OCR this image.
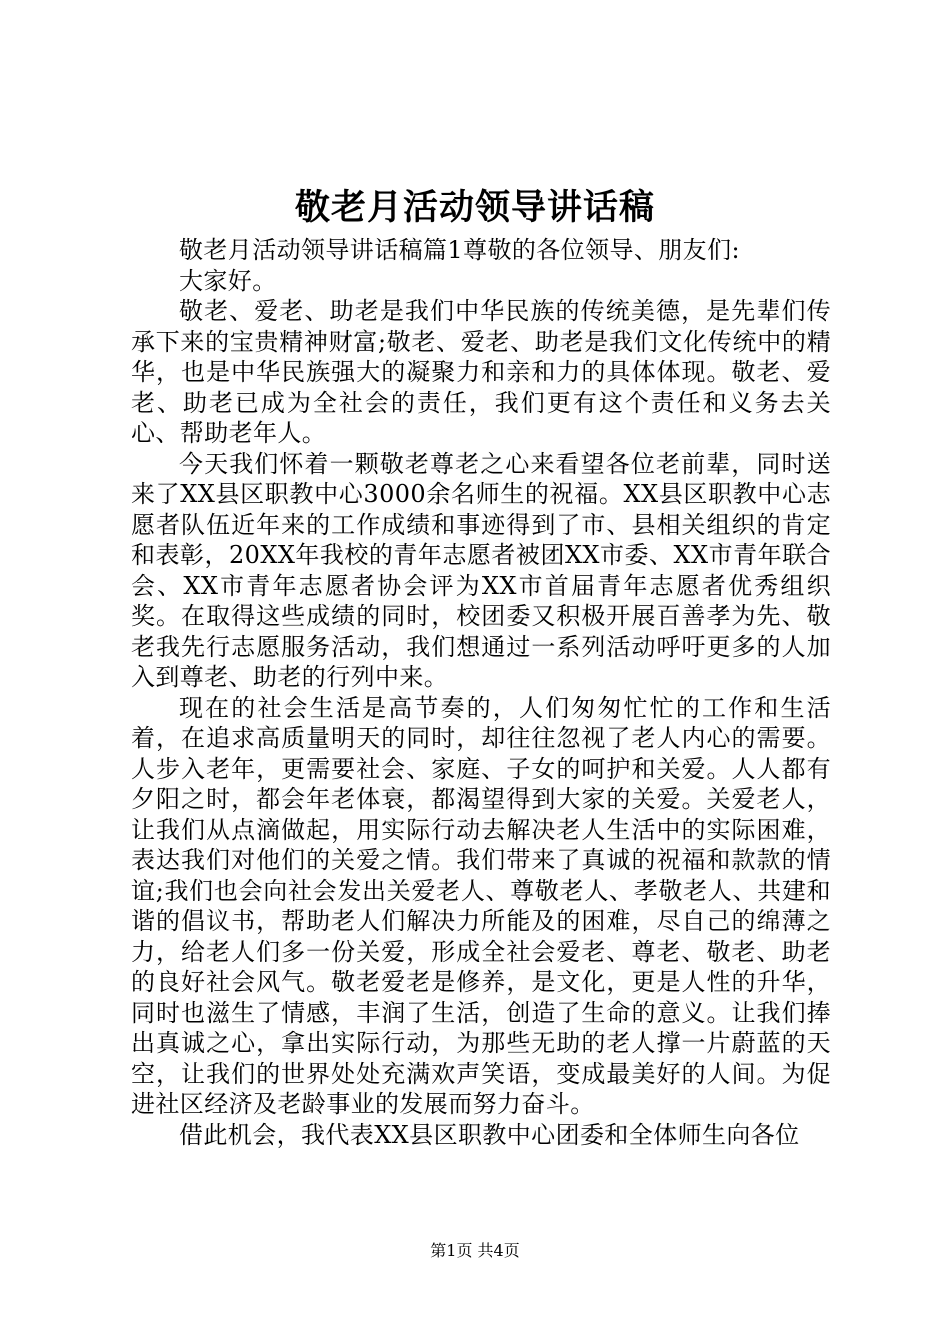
敬老月活动领导讲话稿

敬老月活动领导讲话稿篇1尊敬的各位领导、朋友们:

大家好。

敬老、爱老、助老是我们中华民族的传统美德，是先辈们传承下来的宝贵精神财富;敬老、爱老、助老是我们文化传统中的精华，也是中华民族强大的凝聚力和亲和力的具体体现。敬老、爱老、助老已成为全社会的责任，我们更有这个责任和义务去关心、帮助老年人。

今天我们怀着一颗敬老尊老之心来看望各位老前辈，同时送来了XX县区职教中心3000余名师生的祝福。XX县区职教中心志愿者队伍近年来的工作成绩和事迹得到了市、县相关组织的肯定和表彰，20XX年我校的青年志愿者被团XX市委、XX市青年联合会、XX市青年志愿者协会评为XX市首届青年志愿者优秀组织奖。在取得这些成绩的同时，校团委又积极开展百善孝为先、敬老我先行志愿服务活动，我们想通过一系列活动呼吁更多的人加入到尊老、助老的行列中来。

现在的社会生活是高节奏的，人们匆匆忙忙的工作和生活着，在追求高质量明天的同时，却往往忽视了老人内心的需要。人步入老年，更需要社会、家庭、子女的呵护和关爱。人人都有夕阳之时，都会年老体衰，都渴望得到大家的关爱。关爱老人，让我们从点滴做起，用实际行动去解决老人生活中的实际困难，表达我们对他们的关爱之情。我们带来了真诚的祝福和款款的情谊;我们也会向社会发出关爱老人、尊敬老人、孝敬老人、共建和谐的倡议书，帮助老人们解决力所能及的困难，尽自己的绵薄之力，给老人们多一份关爱，形成全社会爱老、尊老、敬老、助老的良好社会风气。敬老爱老是修养，是文化，更是人性的升华，同时也滋生了情感，丰润了生活，创造了生命的意义。让我们捧出真诚之心，拿出实际行动，为那些无助的老人撑一片蔚蓝的天空，让我们的世界处处充满欢声笑语，变成最美好的人间。为促进社区经济及老龄事业的发展而努力奋斗。

借此机会，我代表XX县区职教中心团委和全体师生向各位

第1页 共4页
